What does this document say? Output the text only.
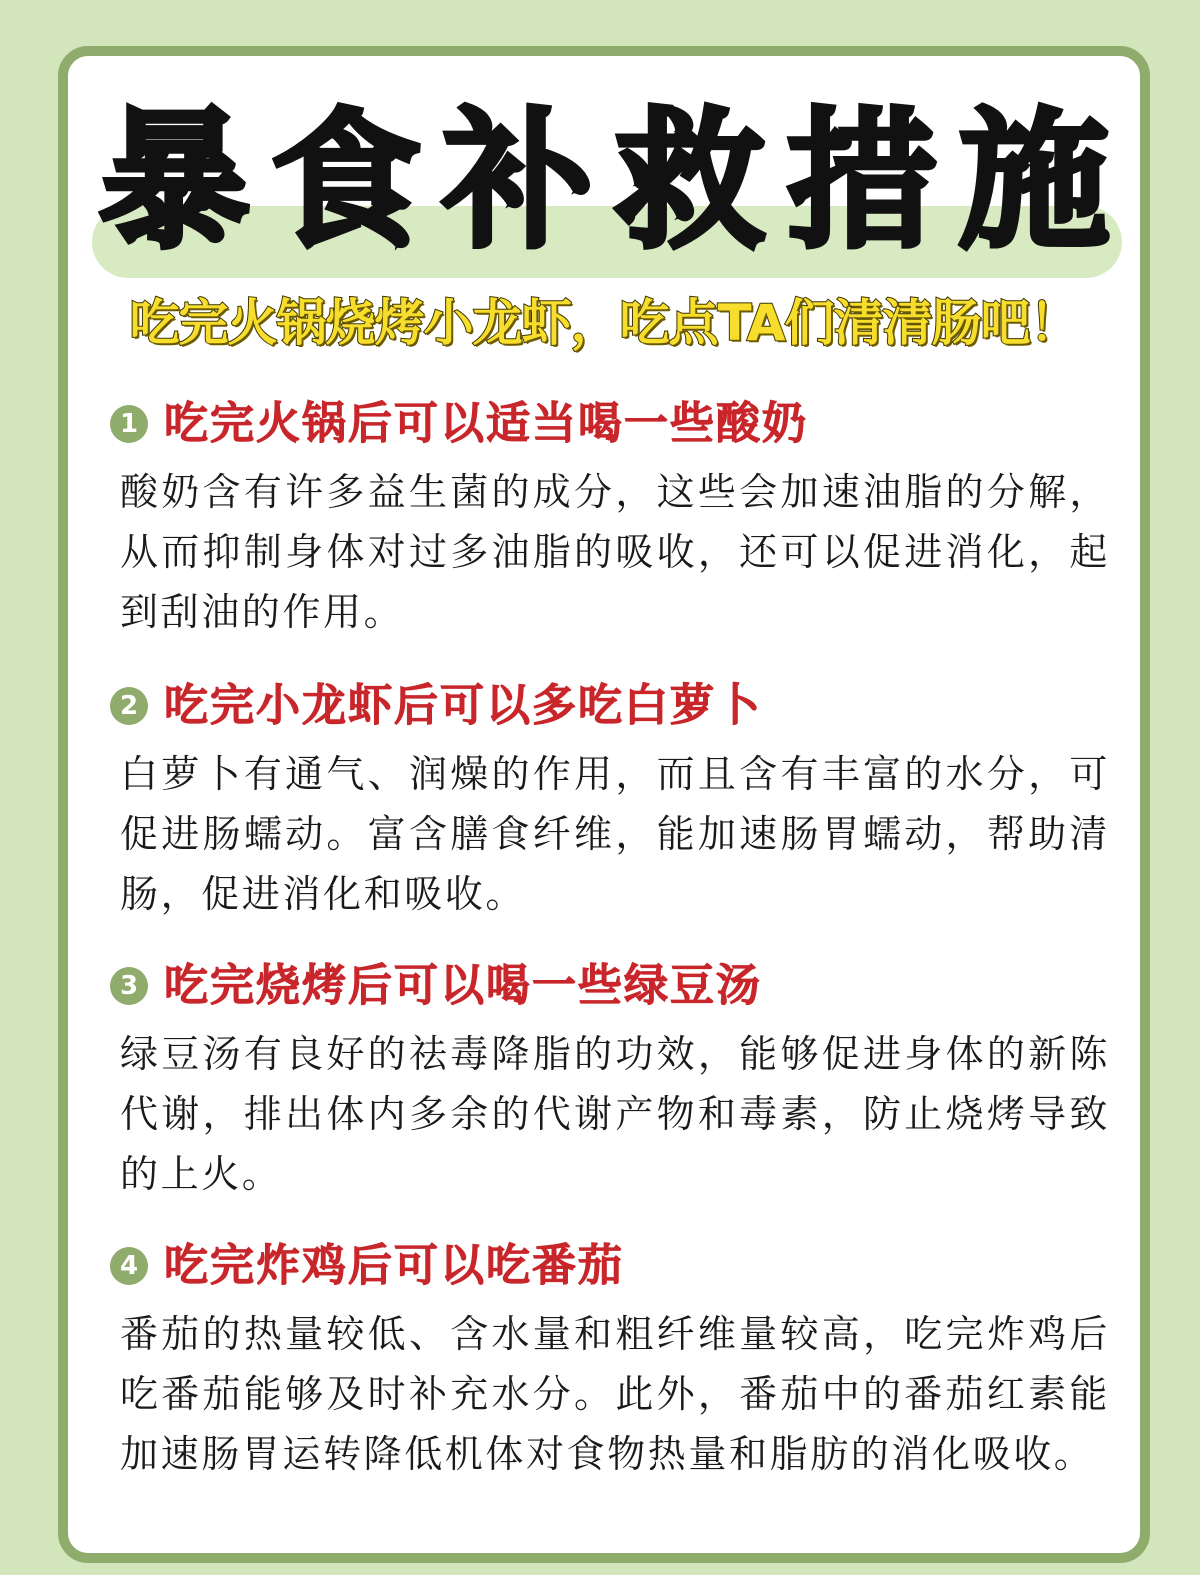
暴食补救措施
吃完火锅烧烤小龙虾，吃点TA们清清肠吧！
1 吃完火锅后可以适当喝一些酸奶
酸奶含有许多益生菌的成分，这些会加速油脂的分解，从而抑制身体对过多油脂的吸收，还可以促进消化，起到刮油的作用。
2 吃完小龙虾后可以多吃白萝卜
白萝卜有通气、润燥的作用，而且含有丰富的水分，可促进肠蠕动。富含膳食纤维，能加速肠胃蠕动，帮助清肠，促进消化和吸收。
3 吃完烧烤后可以喝一些绿豆汤
绿豆汤有良好的祛毒降脂的功效，能够促进身体的新陈代谢，排出体内多余的代谢产物和毒素，防止烧烤导致的上火。
4 吃完炸鸡后可以吃番茄
番茄的热量较低、含水量和粗纤维量较高，吃完炸鸡后吃番茄能够及时补充水分。此外，番茄中的番茄红素能加速肠胃运转降低机体对食物热量和脂肪的消化吸收。
